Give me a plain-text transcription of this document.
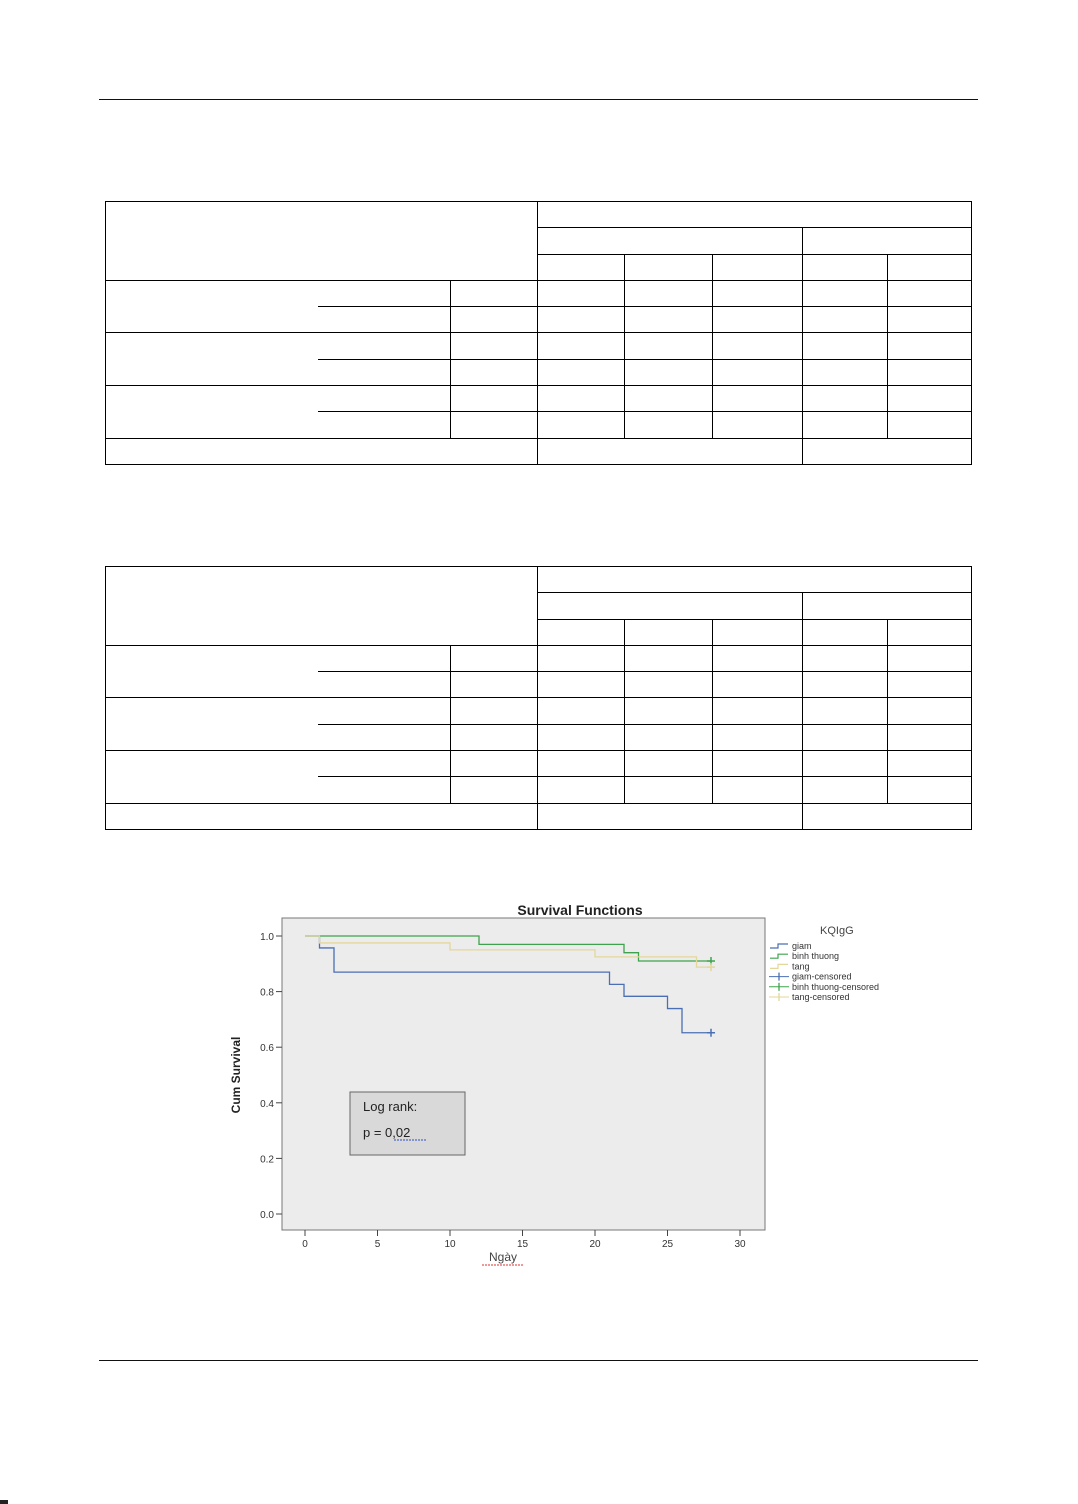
Survival Functions
0.0
0.2
0.4
0.6
0.8
1.0
0	5	10	15	20	25	30
KQIgG
giam
binh thuong
tang
giam-censored
binh thuong-censored
tang-censored
Cum Survival
Ngày
Log rank:
p = 0,02
